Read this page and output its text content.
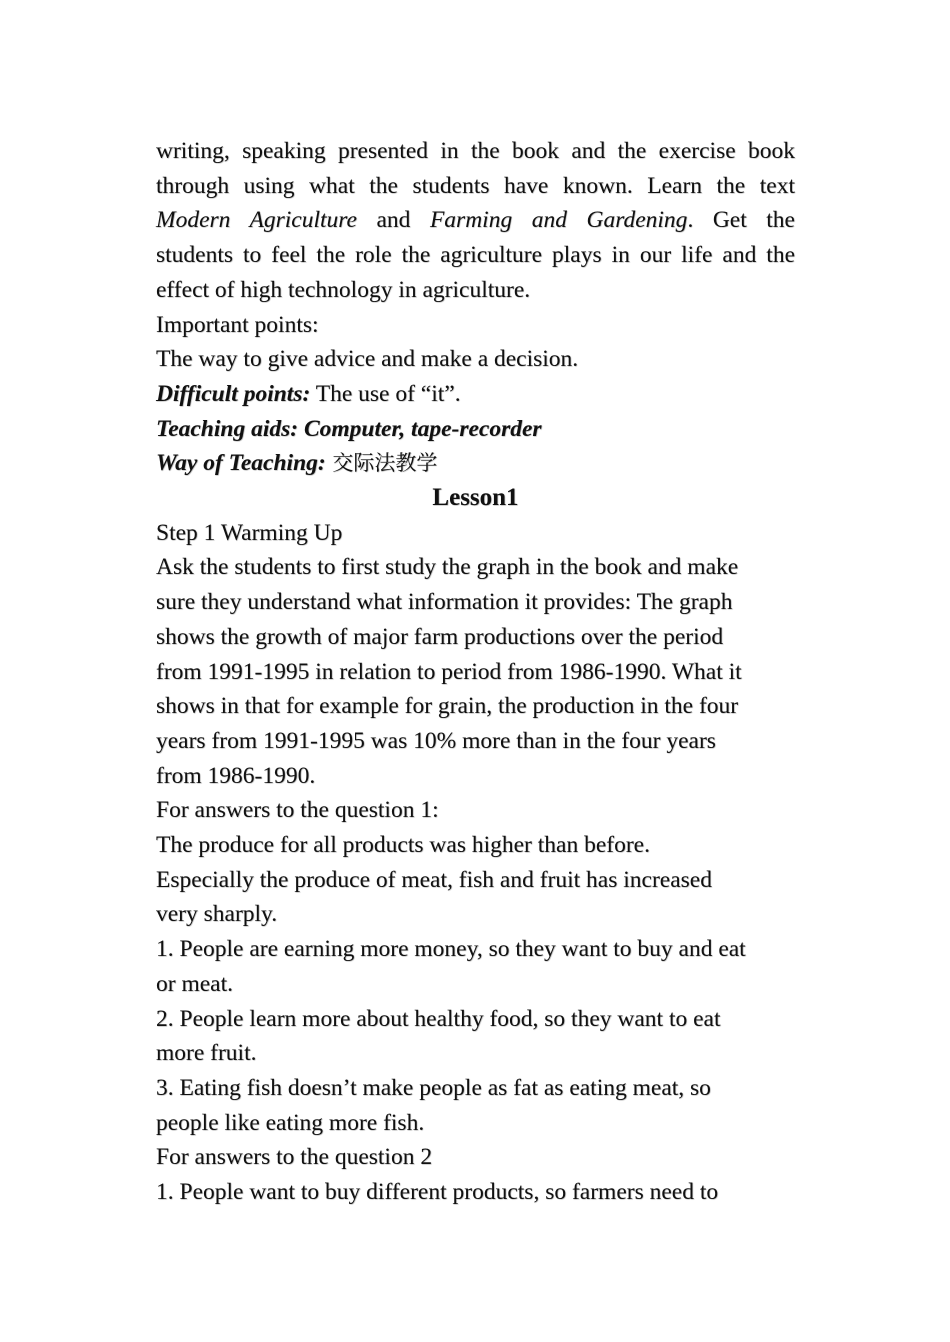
writing, speaking presented in the book and the exercise book
through using what the students have known. Learn the text
Modern Agriculture and Farming and Gardening. Get the
students to feel the role the agriculture plays in our life and the
effect of high technology in agriculture.
Important points:
The way to give advice and make a decision.
Difficult points: The use of “it”.
Teaching aids: Computer, tape-recorder
Way of Teaching: 交际法教学
Lesson1
Step 1 Warming Up
Ask the students to first study the graph in the book and make
sure they understand what information it provides: The graph
shows the growth of major farm productions over the period
from 1991-1995 in relation to period from 1986-1990. What it
shows in that for example for grain, the production in the four
years from 1991-1995 was 10% more than in the four years
from 1986-1990.
For answers to the question 1:
The produce for all products was higher than before.
Especially the produce of meat, fish and fruit has increased
very sharply.
1. People are earning more money, so they want to buy and eat
or meat.
2. People learn more about healthy food, so they want to eat
more fruit.
3. Eating fish doesn’t make people as fat as eating meat, so
people like eating more fish.
For answers to the question 2
1. People want to buy different products, so farmers need to
